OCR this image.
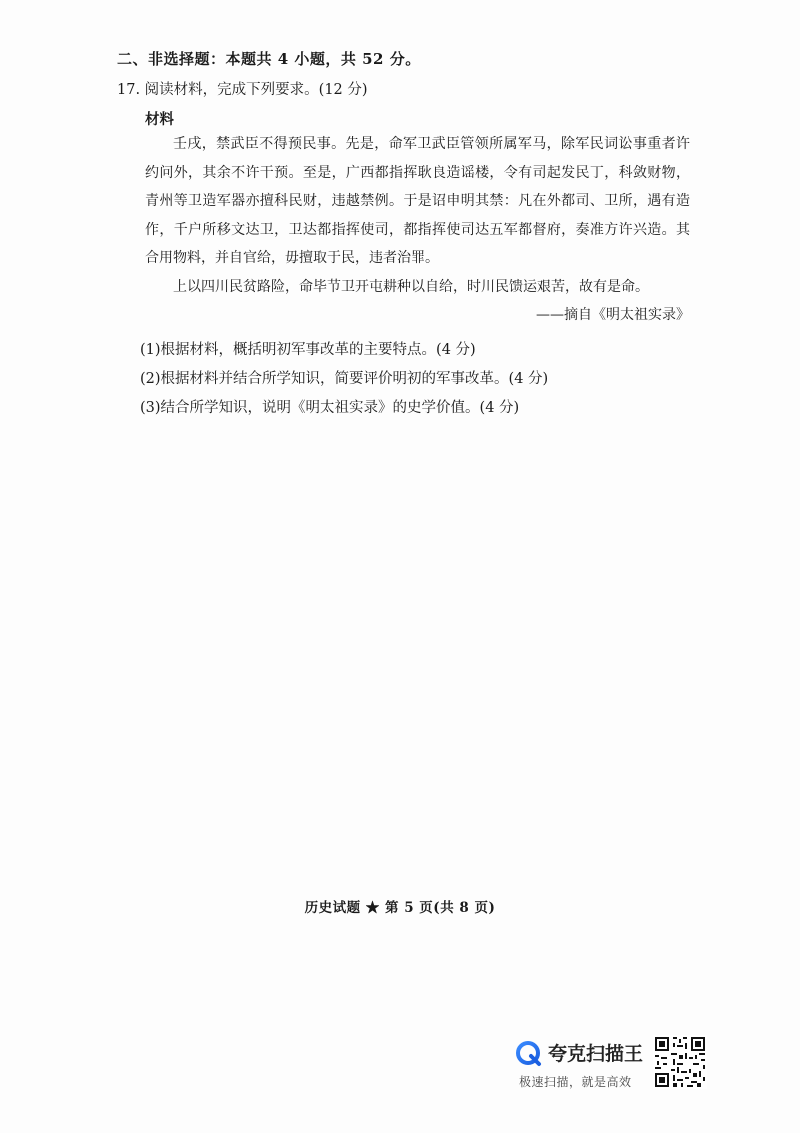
二、非选择题：本题共 4 小题，共 52 分。
17. 阅读材料，完成下列要求。(12 分)
材料

壬戌，禁武臣不得预民事。先是，命军卫武臣管领所属军马，除军民词讼事重者许约问外，其余不许干预。至是，广西都指挥耿良造谣楼，令有司起发民丁，科敛财物，青州等卫造军器亦擅科民财，违越禁例。于是诏申明其禁：凡在外都司、卫所，遇有造作，千户所移文达卫，卫达都指挥使司，都指挥使司达五军都督府，奏准方许兴造。其合用物料，并自官给，毋擅取于民，违者治罪。

上以四川民贫路险，命毕节卫开屯耕种以自给，时川民馈运艰苦，故有是命。

——摘自《明太祖实录》
(1)根据材料，概括明初军事改革的主要特点。(4 分)
(2)根据材料并结合所学知识，简要评价明初的军事改革。(4 分)
(3)结合所学知识，说明《明太祖实录》的史学价值。(4 分)
历史试题 ★ 第 5 页(共 8 页)
夸克扫描王
极速扫描，就是高效
